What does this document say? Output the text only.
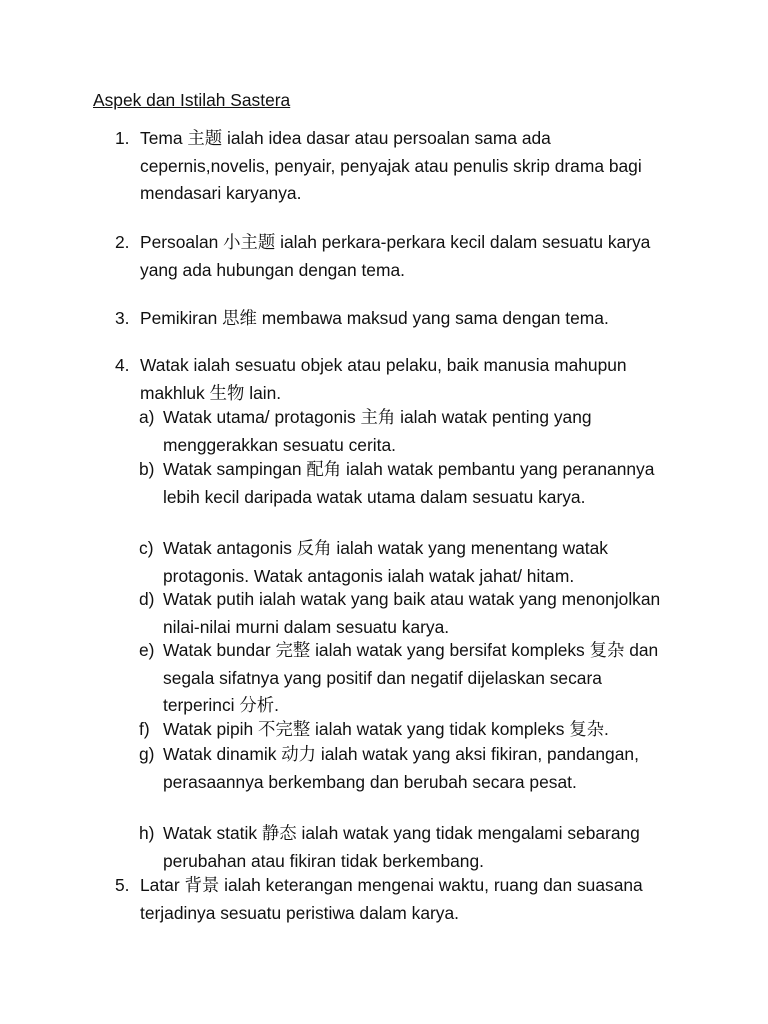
Aspek dan Istilah Sastera
1. Tema 主题 ialah idea dasar atau persoalan sama ada cepernis,novelis, penyair, penyajak atau penulis skrip drama bagi mendasari karyanya.
2. Persoalan 小主题 ialah perkara-perkara kecil dalam sesuatu karya yang ada hubungan dengan tema.
3. Pemikiran 思维 membawa maksud yang sama dengan tema.
4. Watak ialah sesuatu objek atau pelaku, baik manusia mahupun makhluk 生物 lain.
a) Watak utama/ protagonis 主角 ialah watak penting yang menggerakkan sesuatu cerita.
b) Watak sampingan 配角 ialah watak pembantu yang peranannya lebih kecil daripada watak utama dalam sesuatu karya.
c) Watak antagonis 反角 ialah watak yang menentang watak protagonis. Watak antagonis ialah watak jahat/ hitam.
d) Watak putih ialah watak yang baik atau watak yang menonjolkan nilai-nilai murni dalam sesuatu karya.
e) Watak bundar 完整 ialah watak yang bersifat kompleks 复杂 dan segala sifatnya yang positif dan negatif dijelaskan secara terperinci 分析.
f) Watak pipih 不完整 ialah watak yang tidak kompleks 复杂.
g) Watak dinamik 动力 ialah watak yang aksi fikiran, pandangan, perasaannya berkembang dan berubah secara pesat.
h) Watak statik 静态 ialah watak yang tidak mengalami sebarang perubahan atau fikiran tidak berkembang.
5. Latar 背景 ialah keterangan mengenai waktu, ruang dan suasana terjadinya sesuatu peristiwa dalam karya.
